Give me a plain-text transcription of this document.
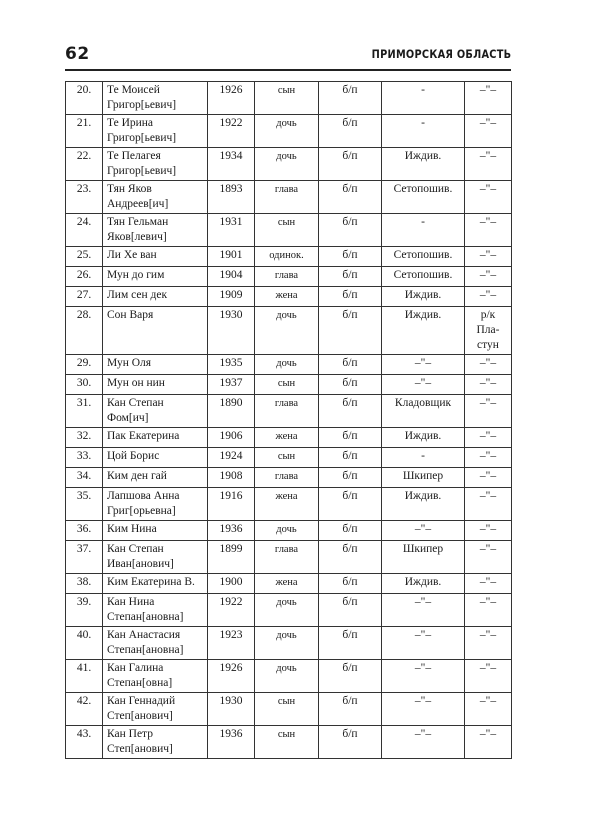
62	ПРИМОРСКАЯ ОБЛАСТЬ
20.	Те Моисей Григор[ьевич]	1926	сын	б/п	-	–"–
21.	Те Ирина Григор[ьевич]	1922	дочь	б/п	-	–"–
22.	Те Пелагея Григор[ьевич]	1934	дочь	б/п	Иждив.	–"–
23.	Тян Яков Андреев[ич]	1893	глава	б/п	Сетопошив.	–"–
24.	Тян Гельман Яков[левич]	1931	сын	б/п	-	–"–
25.	Ли Хе ван	1901	одинок.	б/п	Сетопошив.	–"–
26.	Мун до гим	1904	глава	б/п	Сетопошив.	–"–
27.	Лим сен дек	1909	жена	б/п	Иждив.	–"–
28.	Сон Варя	1930	дочь	б/п	Иждив.	р/к Пла-стун
29.	Мун Оля	1935	дочь	б/п	–"–	–"–
30.	Мун он нин	1937	сын	б/п	–"–	–"–
31.	Кан Степан Фом[ич]	1890	глава	б/п	Кладовщик	–"–
32.	Пак Екатерина	1906	жена	б/п	Иждив.	–"–
33.	Цой Борис	1924	сын	б/п	-	–"–
34.	Ким ден гай	1908	глава	б/п	Шкипер	–"–
35.	Лапшова Анна Григ[орьевна]	1916	жена	б/п	Иждив.	–"–
36.	Ким Нина	1936	дочь	б/п	–"–	–"–
37.	Кан Степан Иван[анович]	1899	глава	б/п	Шкипер	–"–
38.	Ким Екатерина В.	1900	жена	б/п	Иждив.	–"–
39.	Кан Нина Степан[ановна]	1922	дочь	б/п	–"–	–"–
40.	Кан Анастасия Степан[ановна]	1923	дочь	б/п	–"–	–"–
41.	Кан Галина Степан[овна]	1926	дочь	б/п	–"–	–"–
42.	Кан Геннадий Степ[анович]	1930	сын	б/п	–"–	–"–
43.	Кан Петр Степ[анович]	1936	сын	б/п	–"–	–"–
